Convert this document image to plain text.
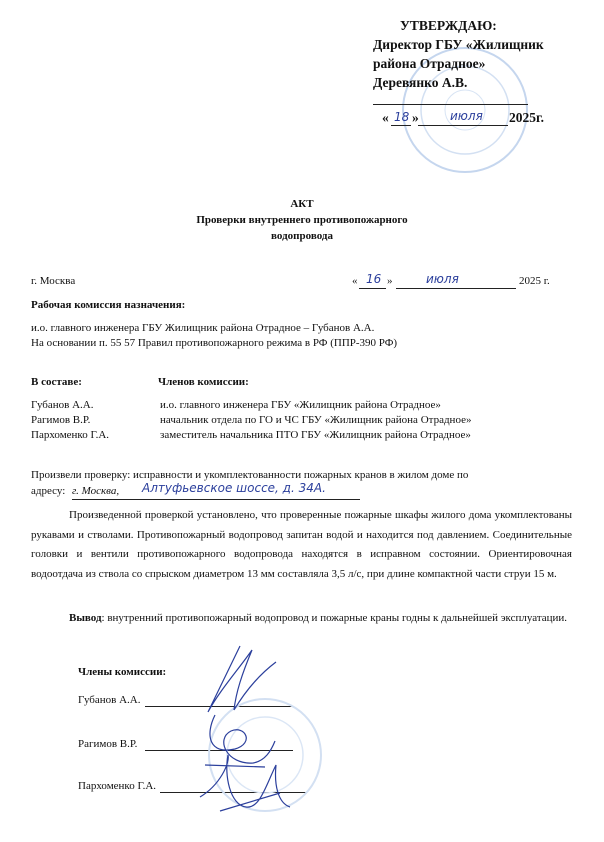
УТВЕРЖДАЮ:
Директор ГБУ «Жилищник
района Отрадное»
Деревянко А.В.
« 18 »	июля 2025г.
АКТ
Проверки внутреннего противопожарного
водопровода
г. Москва	« 16 »	июля	2025 г.
Рабочая комиссия назначения:
и.о. главного инженера ГБУ Жилищник района Отрадное – Губанов А.А.
На основании п. 55 57 Правил противопожарного режима в РФ (ППР-390 РФ)
В составе:	Членов комиссии:
Губанов А.А.	и.о. главного инженера ГБУ «Жилищник района Отрадное»
Рагимов В.Р.	начальник отдела по ГО и ЧС ГБУ «Жилищник района Отрадное»
Пархоменко Г.А.	заместитель начальника ПТО ГБУ «Жилищник района Отрадное»
Произвели проверку: исправности и укомплектованности пожарных кранов в жилом доме по
адресу: г. Москва, Алтуфьевское шоссе, д. 34А.
Произведенной проверкой установлено, что проверенные пожарные шкафы жилого дома укомплектованы рукавами и стволами. Противопожарный водопровод запитан водой и находится под давлением. Соединительные головки и вентили противопожарного водопровода находятся в исправном состоянии. Ориентировочная водоотдача из ствола со спрыском диаметром 13 мм составляла 3,5 л/с, при длине компактной части струи 15 м.
Вывод: внутренний противопожарный водопровод и пожарные краны годны к дальнейшей эксплуатации.
Члены комиссии:
Губанов А.А.
Рагимов В.Р.
Пархоменко Г.А.
